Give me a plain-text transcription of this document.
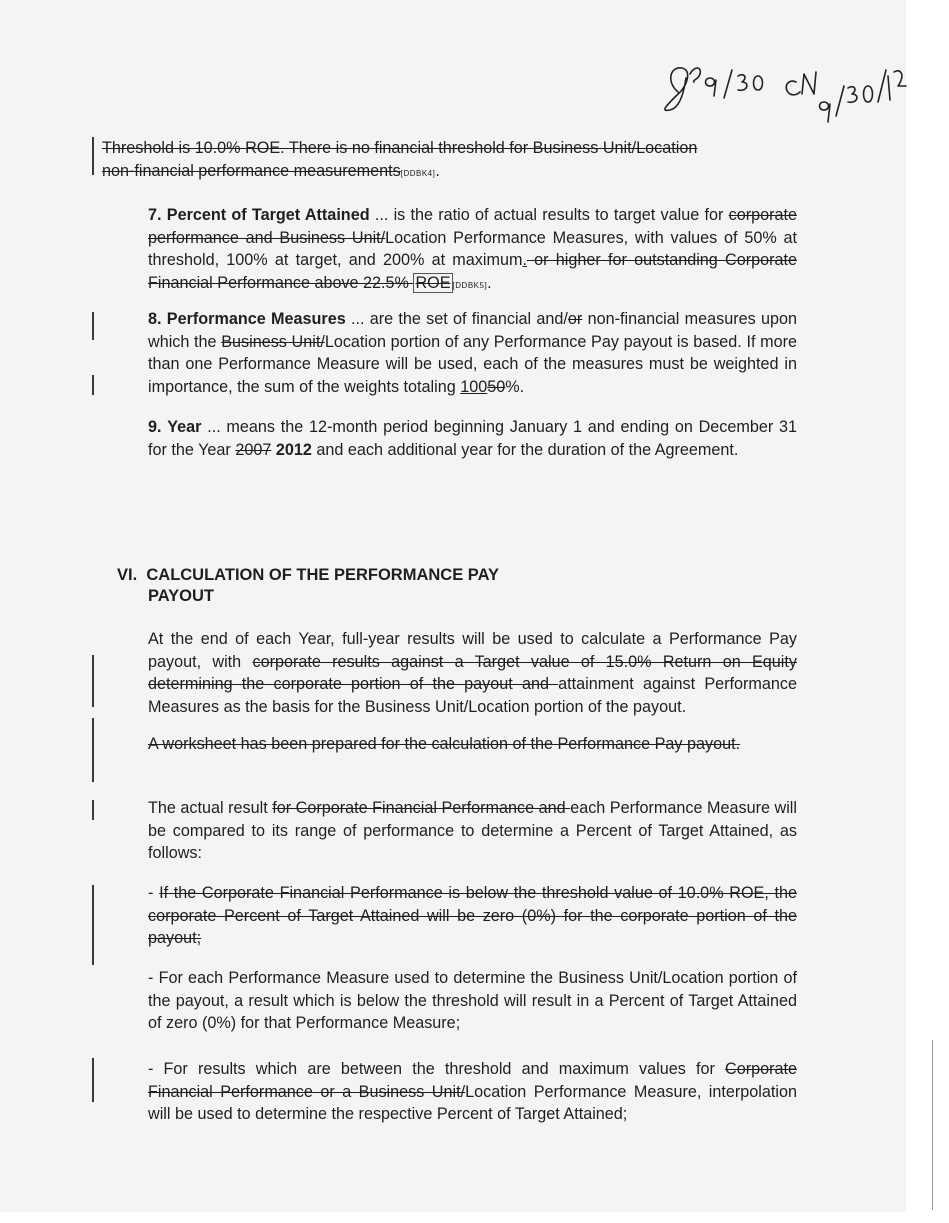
Threshold is 10.0% ROE. There is no financial threshold for Business Unit/Location
non-financial performance measurements[DDBK4].

7. Percent of Target Attained ... is the ratio of actual results to target value for corporate performance and Business Unit/Location Performance Measures, with values of 50% at threshold, 100% at target, and 200% at maximum. or higher for outstanding Corporate Financial Performance above 22.5% ROE [DDBK5].

8. Performance Measures ... are the set of financial and/or non-financial measures upon which the Business Unit/Location portion of any Performance Pay payout is based. If more than one Performance Measure will be used, each of the measures must be weighted in importance, the sum of the weights totaling 10050%.

9. Year ... means the 12-month period beginning January 1 and ending on December 31 for the Year 2007 2012 and each additional year for the duration of the Agreement.

VI. CALCULATION OF THE PERFORMANCE PAY
PAYOUT

At the end of each Year, full-year results will be used to calculate a Performance Pay payout, with corporate results against a Target value of 15.0% Return on Equity determining the corporate portion of the payout and attainment against Performance Measures as the basis for the Business Unit/Location portion of the payout.

A worksheet has been prepared for the calculation of the Performance Pay payout.

The actual result for Corporate Financial Performance and each Performance Measure will be compared to its range of performance to determine a Percent of Target Attained, as follows:

- If the Corporate Financial Performance is below the threshold value of 10.0% ROE, the corporate Percent of Target Attained will be zero (0%) for the corporate portion of the payout;

- For each Performance Measure used to determine the Business Unit/Location portion of the payout, a result which is below the threshold will result in a Percent of Target Attained of zero (0%) for that Performance Measure;

- For results which are between the threshold and maximum values for Corporate Financial Performance or a Business Unit/Location Performance Measure, interpolation will be used to determine the respective Percent of Target Attained;
